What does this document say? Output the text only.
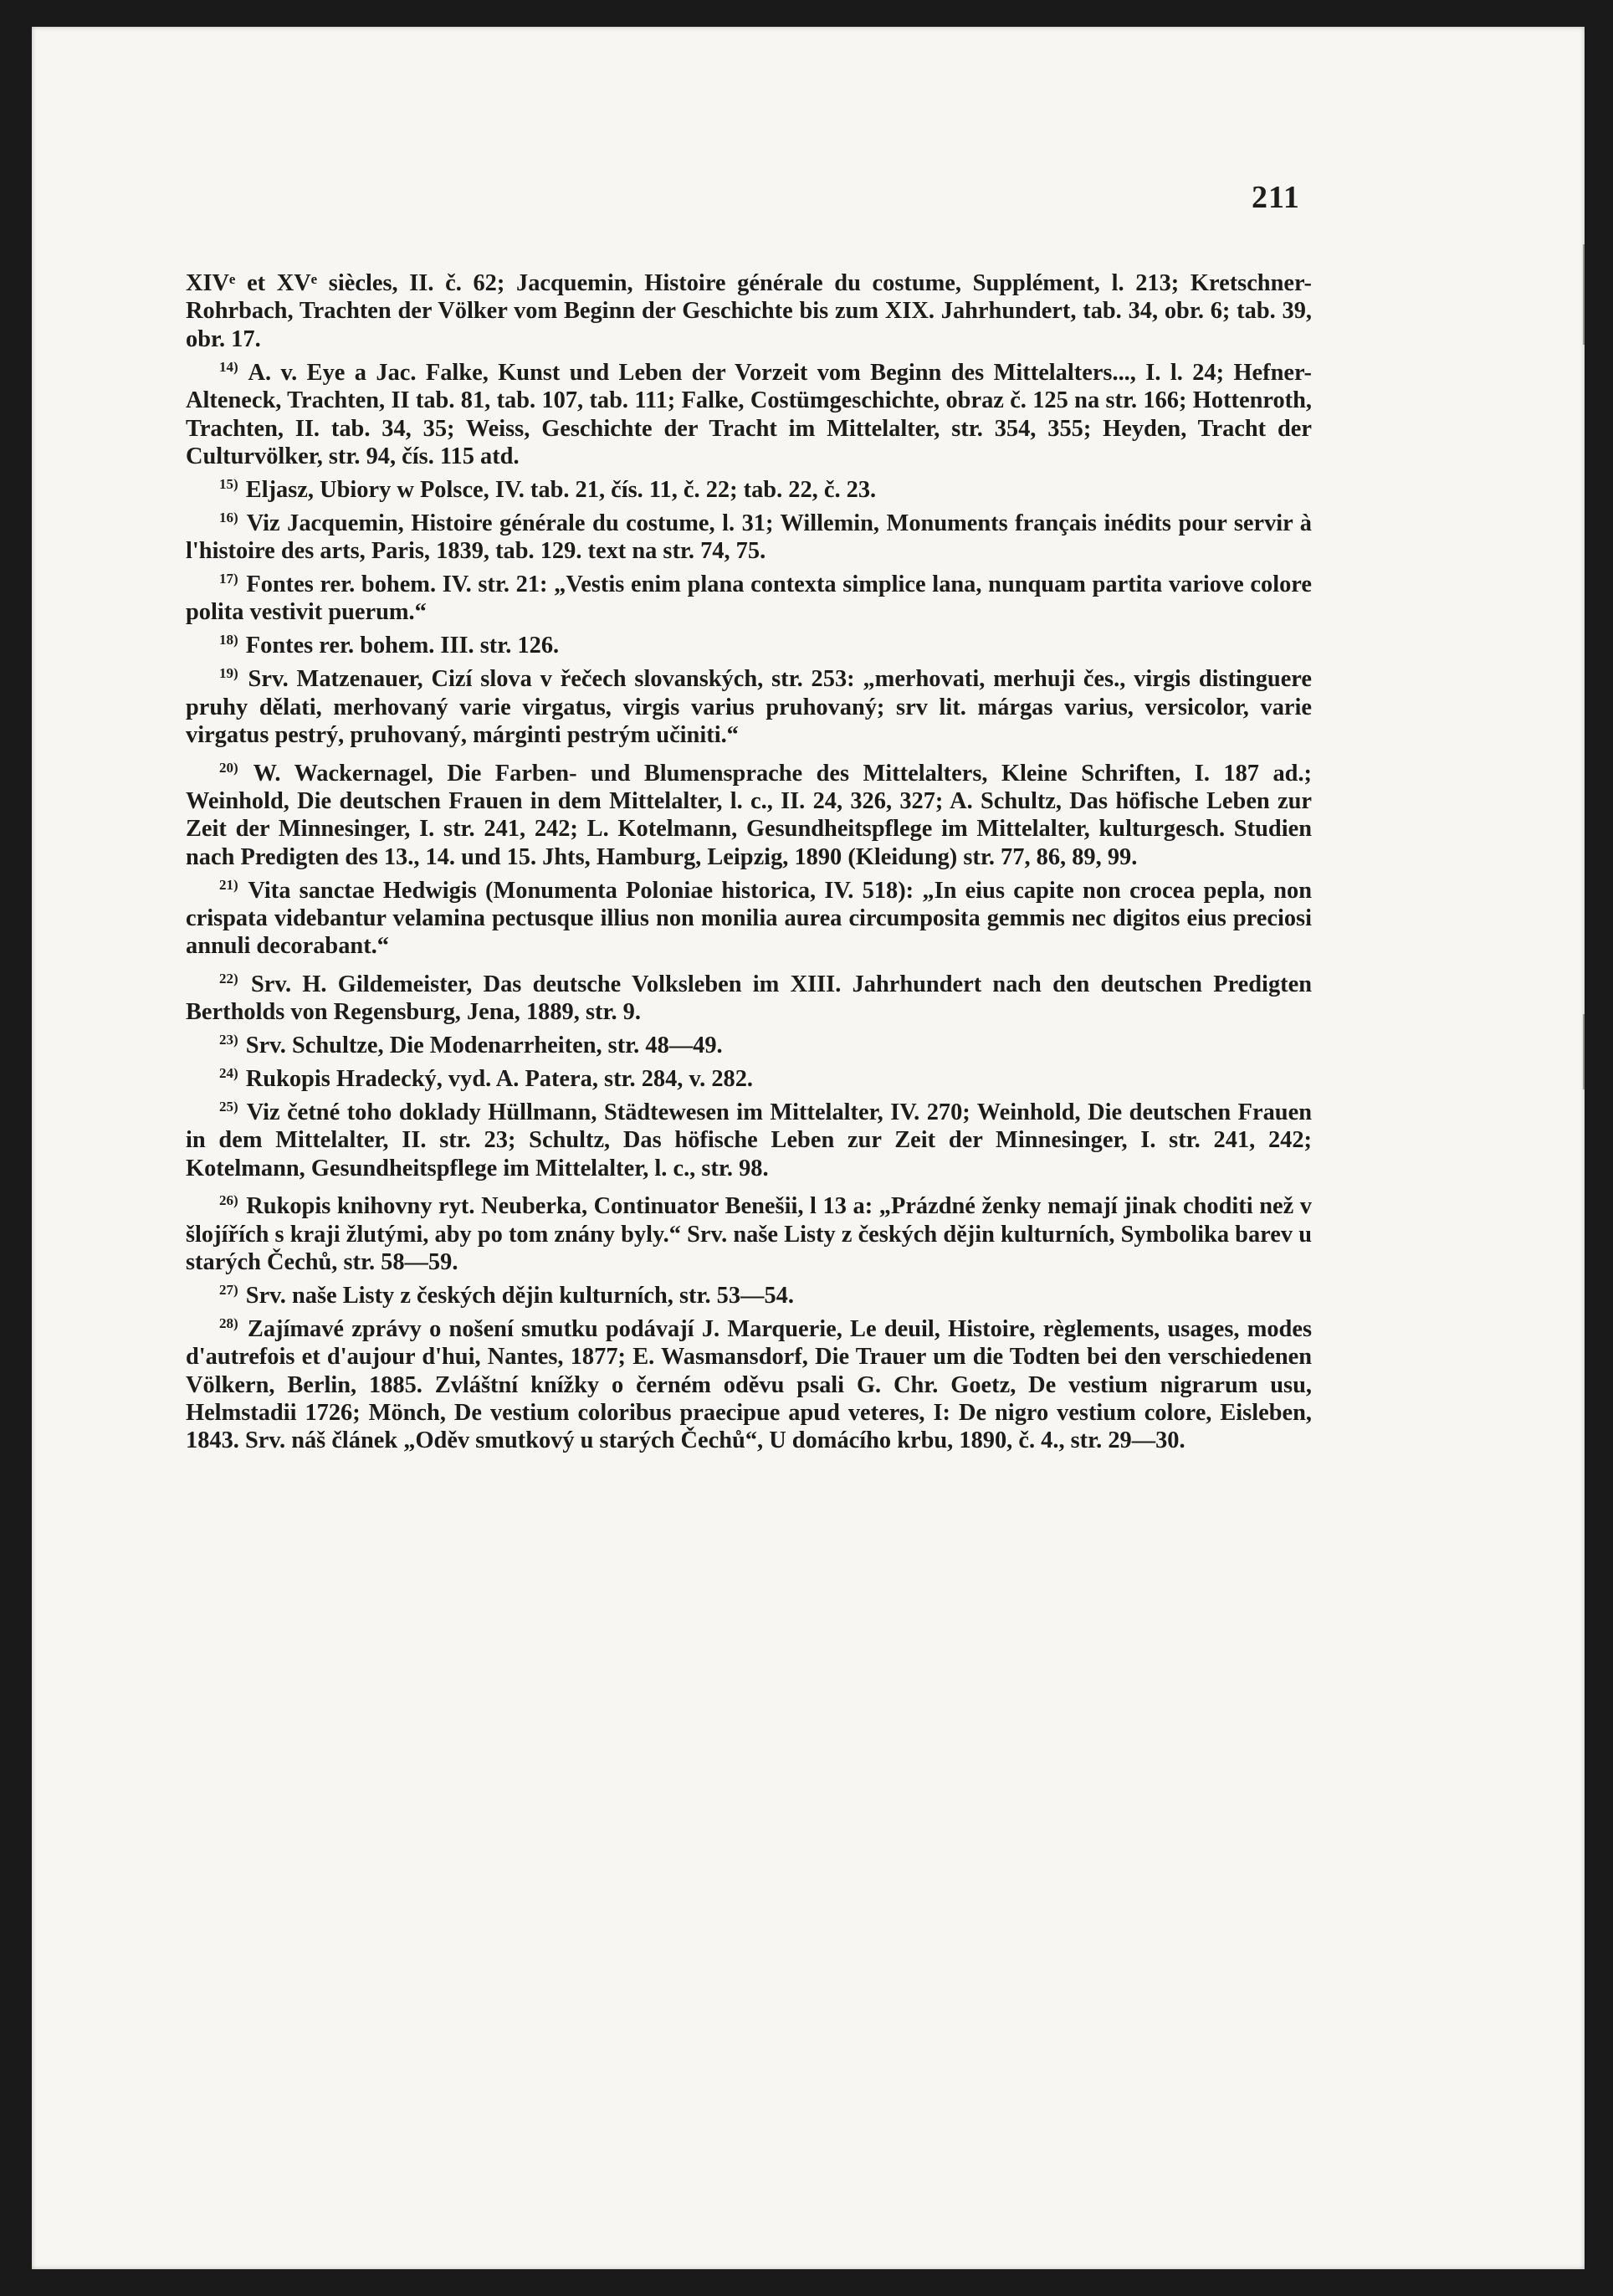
211

XIVᵉ et XVᵉ siècles, II. č. 62; Jacquemin, Histoire générale du costume, Supplément, l. 213; Kretschner-Rohrbach, Trachten der Völker vom Beginn der Geschichte bis zum XIX. Jahrhundert, tab. 34, obr. 6; tab. 39, obr. 17.

$^{14)}$ A. v. Eye a Jac. Falke, Kunst und Leben der Vorzeit vom Beginn des Mittelalters..., I. l. 24; Hefner-Alteneck, Trachten, II tab. 81, tab. 107, tab. 111; Falke, Costümgeschichte, obraz č. 125 na str. 166; Hottenroth, Trachten, II. tab. 34, 35; Weiss, Geschichte der Tracht im Mittelalter, str. 354, 355; Heyden, Tracht der Culturvölker, str. 94, čís. 115 atd.

$^{15)}$ Eljasz, Ubiory w Polsce, IV. tab. 21, čís. 11, č. 22; tab. 22, č. 23.

$^{16)}$ Viz Jacquemin, Histoire générale du costume, l. 31; Willemin, Monuments français inédits pour servir à l'histoire des arts, Paris, 1839, tab. 129. text na str. 74, 75.

$^{17)}$ Fontes rer. bohem. IV. str. 21: „Vestis enim plana contexta simplice lana, nunquam partita variove colore polita vestivit puerum.“

$^{18)}$ Fontes rer. bohem. III. str. 126.

$^{19)}$ Srv. Matzenauer, Cizí slova v řečech slovanských, str. 253: „merhovati, merhuji čes., virgis distinguere pruhy dělati, merhovaný varie virgatus, virgis varius pruhovaný; srv lit. márgas varius, versicolor, varie virgatus pestrý, pruhovaný, márginti pestrým učiniti.“

$^{20)}$ W. Wackernagel, Die Farben- und Blumensprache des Mittelalters, Kleine Schriften, I. 187 ad.; Weinhold, Die deutschen Frauen in dem Mittelalter, l. c., II. 24, 326, 327; A. Schultz, Das höfische Leben zur Zeit der Minnesinger, I. str. 241, 242; L. Kotelmann, Gesundheitspflege im Mittelalter, kulturgesch. Studien nach Predigten des 13., 14. und 15. Jhts, Hamburg, Leipzig, 1890 (Kleidung) str. 77, 86, 89, 99.

$^{21)}$ Vita sanctae Hedwigis (Monumenta Poloniae historica, IV. 518): „In eius capite non crocea pepla, non crispata videbantur velamina pectusque illius non monilia aurea circumposita gemmis nec digitos eius preciosi annuli decorabant.“

$^{22)}$ Srv. H. Gildemeister, Das deutsche Volksleben im XIII. Jahrhundert nach den deutschen Predigten Bertholds von Regensburg, Jena, 1889, str. 9.

$^{23)}$ Srv. Schultze, Die Modenarrheiten, str. 48—49.

$^{24)}$ Rukopis Hradecký, vyd. A. Patera, str. 284, v. 282.

$^{25)}$ Viz četné toho doklady Hüllmann, Städtewesen im Mittelalter, IV. 270; Weinhold, Die deutschen Frauen in dem Mittelalter, II. str. 23; Schultz, Das höfische Leben zur Zeit der Minnesinger, I. str. 241, 242; Kotelmann, Gesundheitspflege im Mittelalter, l. c., str. 98.

$^{26)}$ Rukopis knihovny ryt. Neuberka, Continuator Benešii, l 13 a: „Prázdné ženky nemají jinak choditi než v šlojířích s kraji žlutými, aby po tom znány byly.“ Srv. naše Listy z českých dějin kulturních, Symbolika barev u starých Čechů, str. 58—59.

$^{27)}$ Srv. naše Listy z českých dějin kulturních, str. 53—54.

$^{28)}$ Zajímavé zprávy o nošení smutku podávají J. Marquerie, Le deuil, Histoire, règlements, usages, modes d'autrefois et d'aujour d'hui, Nantes, 1877; E. Wasmansdorf, Die Trauer um die Todten bei den verschiedenen Völkern, Berlin, 1885. Zvláštní knížky o černém oděvu psali G. Chr. Goetz, De vestium nigrarum usu, Helmstadii 1726; Mönch, De vestium coloribus praecipue apud veteres, I: De nigro vestium colore, Eisleben, 1843. Srv. náš článek „Oděv smutkový u starých Čechů“, U domácího krbu, 1890, č. 4., str. 29—30.
